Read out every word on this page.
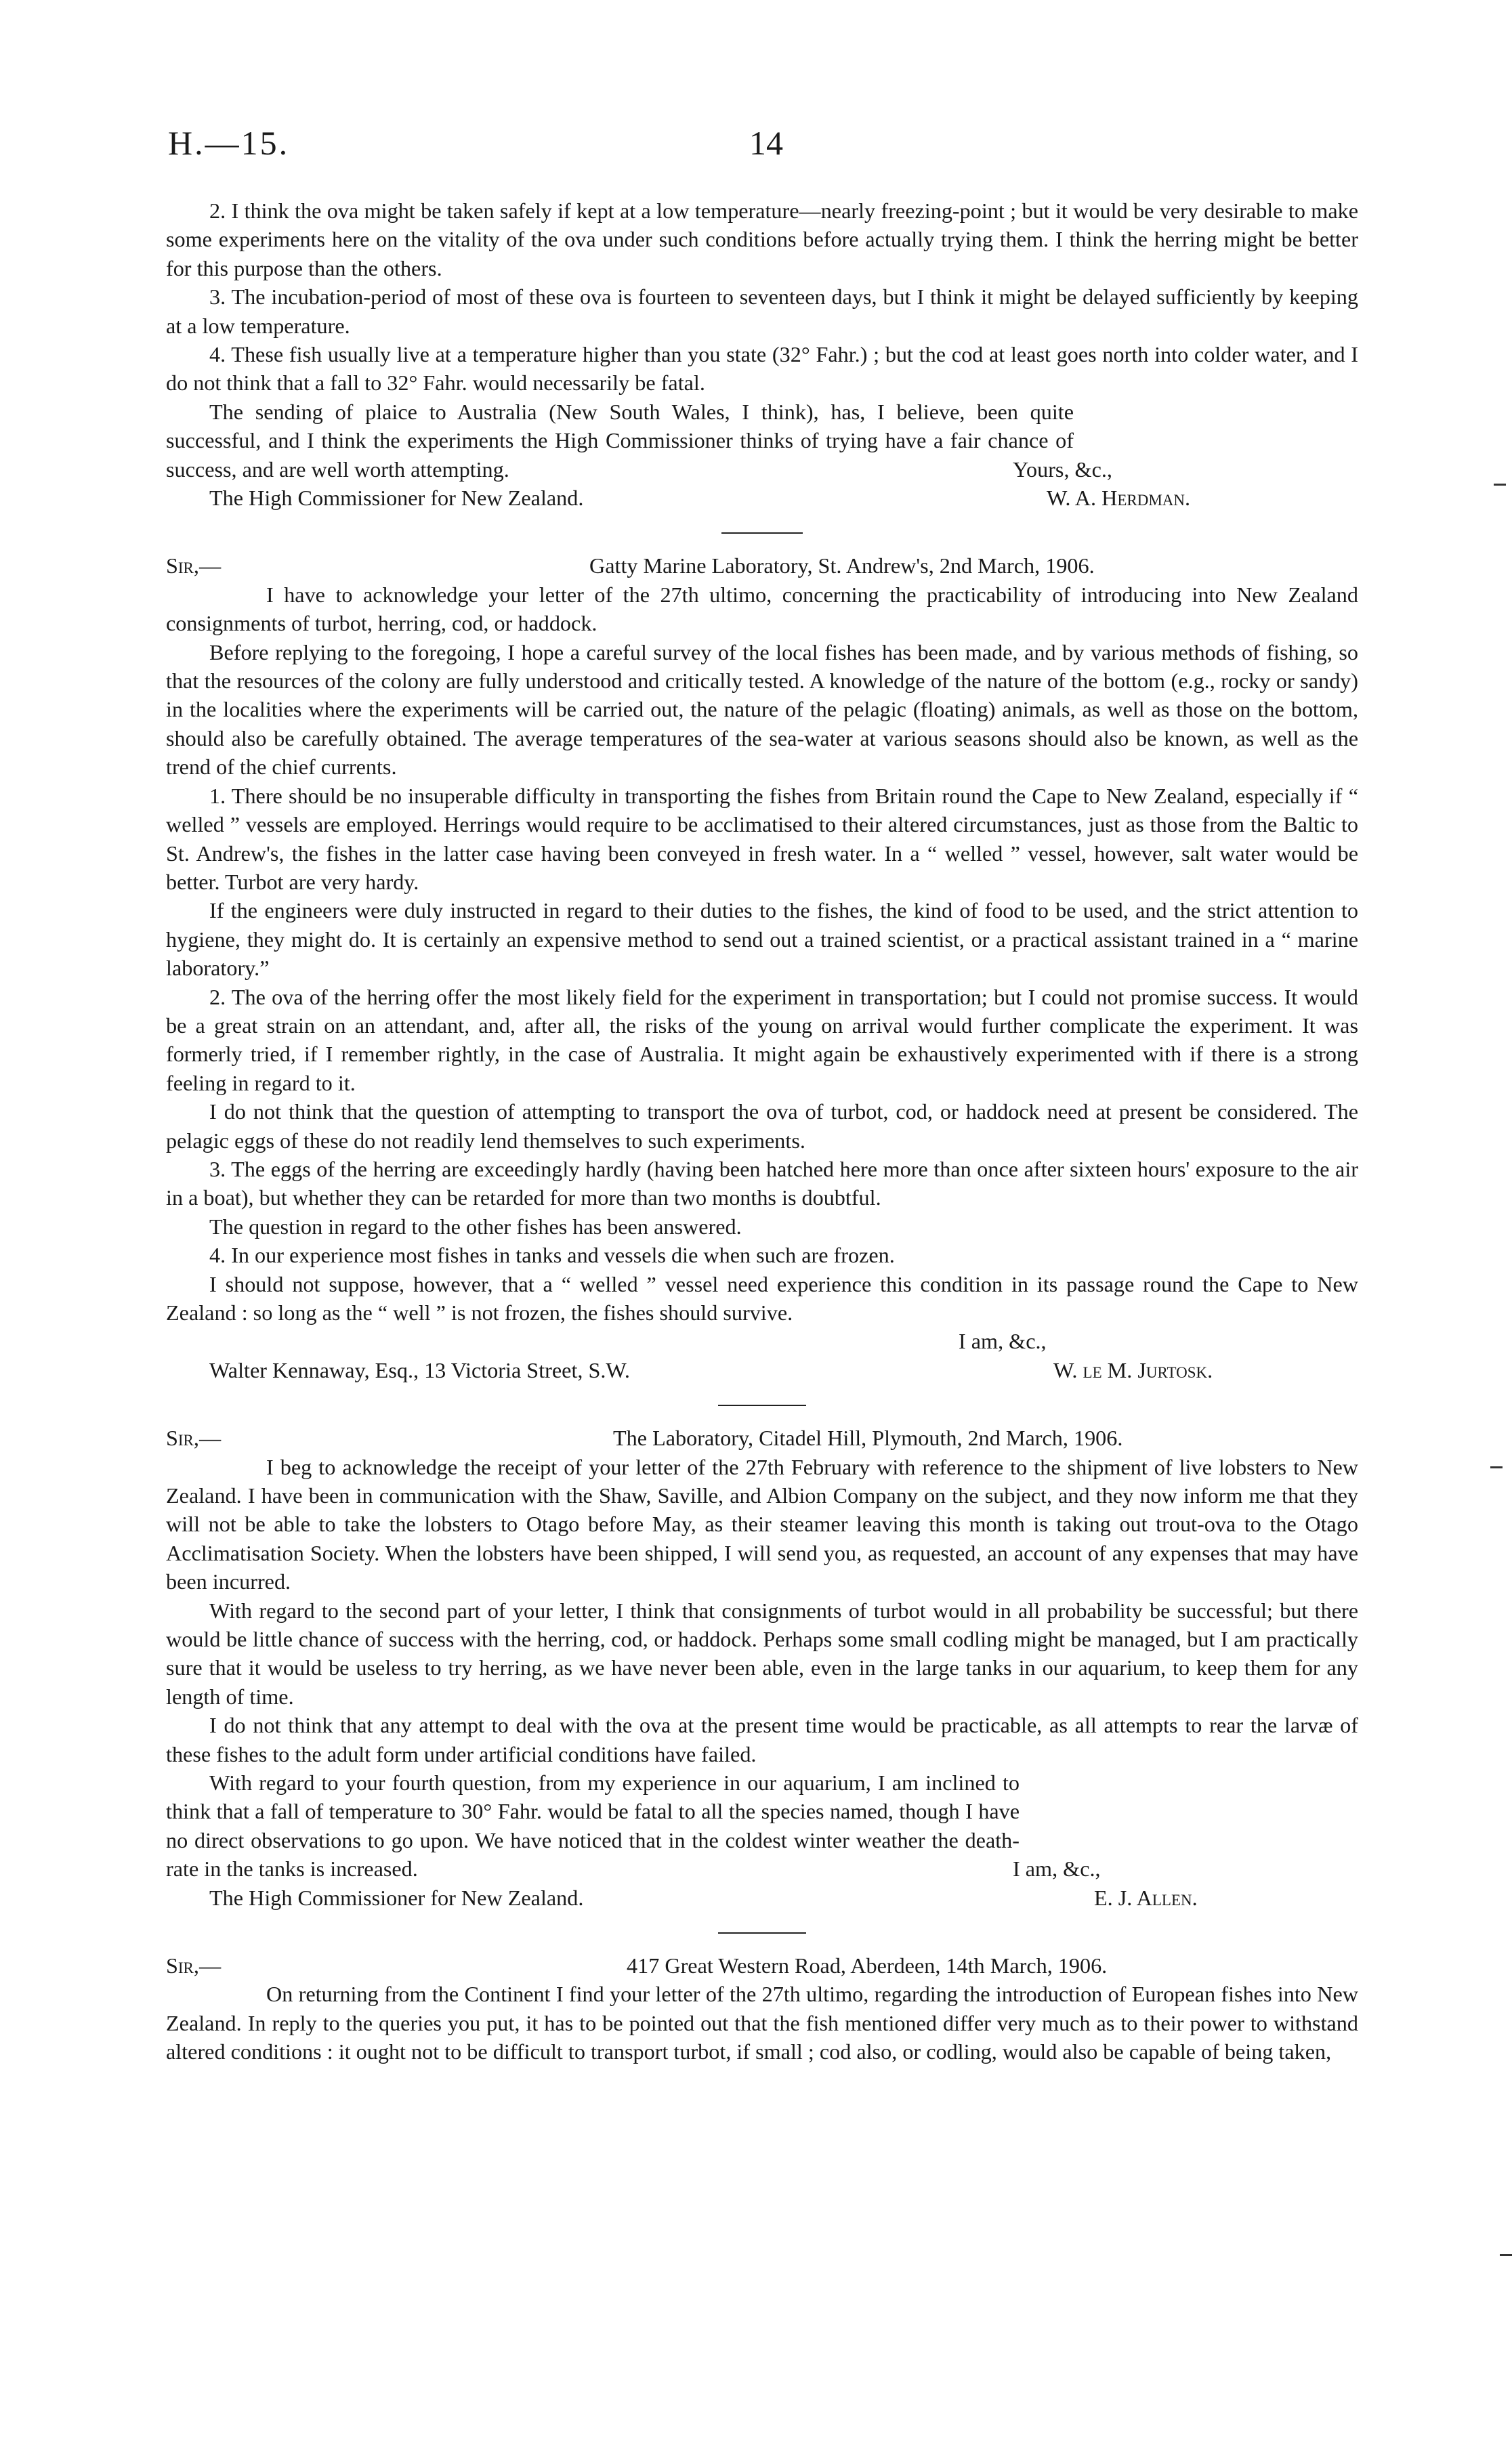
H.—15.	14

2. I think the ova might be taken safely if kept at a low temperature—nearly freezing-point ; but it would be very desirable to make some experiments here on the vitality of the ova under such conditions before actually trying them. I think the herring might be better for this purpose than the others.

3. The incubation-period of most of these ova is fourteen to seventeen days, but I think it might be delayed sufficiently by keeping at a low temperature.

4. These fish usually live at a temperature higher than you state (32° Fahr.) ; but the cod at least goes north into colder water, and I do not think that a fall to 32° Fahr. would necessarily be fatal.

The sending of plaice to Australia (New South Wales, I think), has, I believe, been quite successful, and I think the experiments the High Commissioner thinks of trying have a fair chance of success, and are well worth attempting.	Yours, &c.,
The High Commissioner for New Zealand.	W. A. Herdman.
Sir,—	Gatty Marine Laboratory, St. Andrew's, 2nd March, 1906.

I have to acknowledge your letter of the 27th ultimo, concerning the practicability of introducing into New Zealand consignments of turbot, herring, cod, or haddock.

Before replying to the foregoing, I hope a careful survey of the local fishes has been made, and by various methods of fishing, so that the resources of the colony are fully understood and critically tested. A knowledge of the nature of the bottom (e.g., rocky or sandy) in the localities where the experiments will be carried out, the nature of the pelagic (floating) animals, as well as those on the bottom, should also be carefully obtained. The average temperatures of the sea-water at various seasons should also be known, as well as the trend of the chief currents.

1. There should be no insuperable difficulty in transporting the fishes from Britain round the Cape to New Zealand, especially if “ welled ” vessels are employed. Herrings would require to be acclimatised to their altered circumstances, just as those from the Baltic to St. Andrew's, the fishes in the latter case having been conveyed in fresh water. In a “ welled ” vessel, however, salt water would be better. Turbot are very hardy.

If the engineers were duly instructed in regard to their duties to the fishes, the kind of food to be used, and the strict attention to hygiene, they might do. It is certainly an expensive method to send out a trained scientist, or a practical assistant trained in a “ marine laboratory.”

2. The ova of the herring offer the most likely field for the experiment in transportation; but I could not promise success. It would be a great strain on an attendant, and, after all, the risks of the young on arrival would further complicate the experiment. It was formerly tried, if I remember rightly, in the case of Australia. It might again be exhaustively experimented with if there is a strong feeling in regard to it.

I do not think that the question of attempting to transport the ova of turbot, cod, or haddock need at present be considered. The pelagic eggs of these do not readily lend themselves to such experiments.

3. The eggs of the herring are exceedingly hardly (having been hatched here more than once after sixteen hours' exposure to the air in a boat), but whether they can be retarded for more than two months is doubtful.

The question in regard to the other fishes has been answered.

4. In our experience most fishes in tanks and vessels die when such are frozen.

I should not suppose, however, that a “ welled ” vessel need experience this condition in its passage round the Cape to New Zealand : so long as the “ well ” is not frozen, the fishes should survive.

I am, &c.,
Walter Kennaway, Esq., 13 Victoria Street, S.W.	W. le M. Jurtosk.
Sir,—	The Laboratory, Citadel Hill, Plymouth, 2nd March, 1906.

I beg to acknowledge the receipt of your letter of the 27th February with reference to the shipment of live lobsters to New Zealand. I have been in communication with the Shaw, Saville, and Albion Company on the subject, and they now inform me that they will not be able to take the lobsters to Otago before May, as their steamer leaving this month is taking out trout-ova to the Otago Acclimatisation Society. When the lobsters have been shipped, I will send you, as requested, an account of any expenses that may have been incurred.

With regard to the second part of your letter, I think that consignments of turbot would in all probability be successful; but there would be little chance of success with the herring, cod, or haddock. Perhaps some small codling might be managed, but I am practically sure that it would be useless to try herring, as we have never been able, even in the large tanks in our aquarium, to keep them for any length of time.

I do not think that any attempt to deal with the ova at the present time would be practicable, as all attempts to rear the larvæ of these fishes to the adult form under artificial conditions have failed.

With regard to your fourth question, from my experience in our aquarium, I am inclined to think that a fall of temperature to 30° Fahr. would be fatal to all the species named, though I have no direct observations to go upon. We have noticed that in the coldest winter weather the death-rate in the tanks is increased.	I am, &c.,
The High Commissioner for New Zealand.	E. J. Allen.
Sir,—	417 Great Western Road, Aberdeen, 14th March, 1906.

On returning from the Continent I find your letter of the 27th ultimo, regarding the introduction of European fishes into New Zealand. In reply to the queries you put, it has to be pointed out that the fish mentioned differ very much as to their power to withstand altered conditions : it ought not to be difficult to transport turbot, if small ; cod also, or codling, would also be capable of being taken,
